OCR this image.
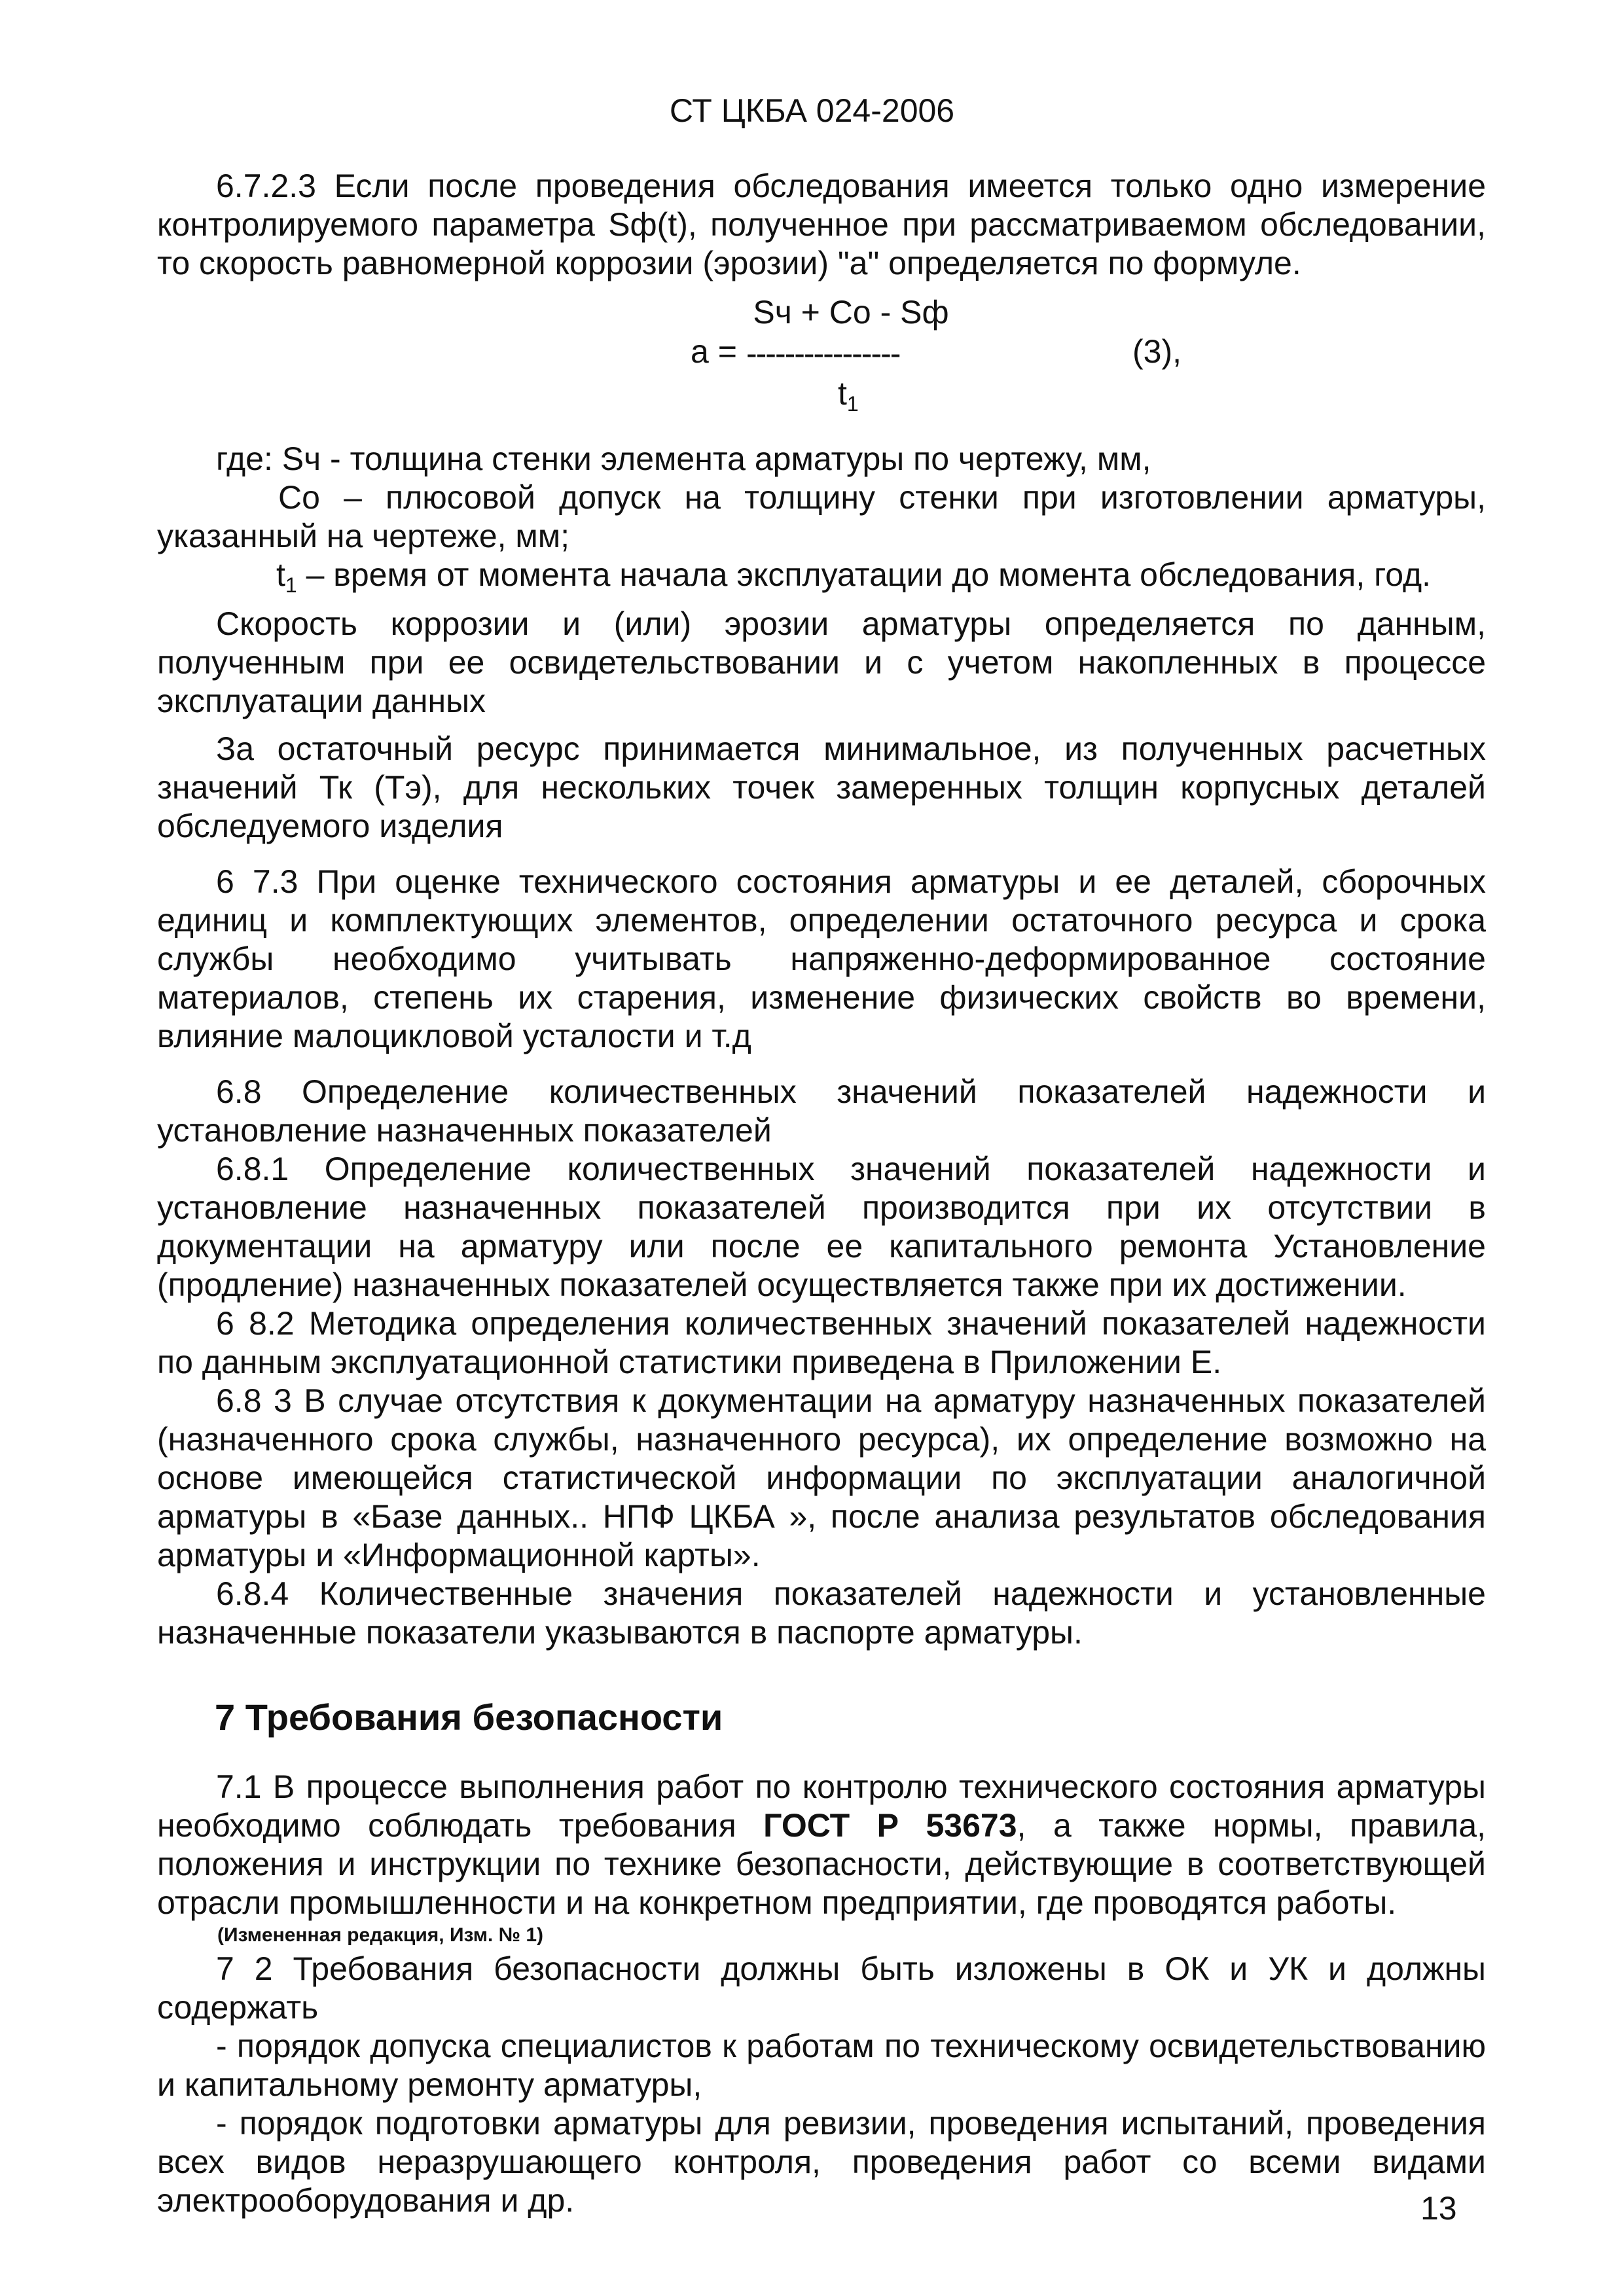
СТ ЦКБА 024-2006

6.7.2.3 Если после проведения обследования имеется только одно измерение контролируемого параметра Sф(t), полученное при рассматриваемом обследовании, то скорость равномерной коррозии (эрозии) "a" определяется по формуле.

Sч + Co - Sф
a = ----------------
$t_1$
(3),

где: Sч - толщина стенки элемента арматуры по чертежу, мм,

Co – плюсовой допуск на толщину стенки при изготовлении арматуры, указанный на чертеже, мм;

$t_1$ – время от момента начала эксплуатации до момента обследования, год.

Скорость коррозии и (или) эрозии арматуры определяется по данным, полученным при ее освидетельствовании и с учетом накопленных в процессе эксплуатации данных

За остаточный ресурс принимается минимальное, из полученных расчетных значений Тк (Тэ), для нескольких точек замеренных толщин корпусных деталей обследуемого изделия

6 7.3 При оценке технического состояния арматуры и ее деталей, сборочных единиц и комплектующих элементов, определении остаточного ресурса и срока службы необходимо учитывать напряженно-деформированное состояние материалов, степень их старения, изменение физических свойств во времени, влияние малоцикловой усталости и т.д

6.8 Определение количественных значений показателей надежности и установление назначенных показателей

6.8.1 Определение количественных значений показателей надежности и установление назначенных показателей производится при их отсутствии в документации на арматуру или после ее капитального ремонта Установление (продление) назначенных показателей осуществляется также при их достижении.

6 8.2 Методика определения количественных значений показателей надежности по данным эксплуатационной статистики приведена в Приложении Е.

6.8 3 В случае отсутствия к документации на арматуру назначенных показателей (назначенного срока службы, назначенного ресурса), их определение возможно на основе имеющейся статистической информации по эксплуатации аналогичной арматуры в «Базе данных.. НПФ ЦКБА », после анализа результатов обследования арматуры и «Информационной карты».

6.8.4 Количественные значения показателей надежности и установленные назначенные показатели указываются в паспорте арматуры.

7 Требования безопасности

7.1 В процессе выполнения работ по контролю технического состояния арматуры необходимо соблюдать требования ГОСТ Р 53673, а также нормы, правила, положения и инструкции по технике безопасности, действующие в соответствующей отрасли промышленности и на конкретном предприятии, где проводятся работы.

(Измененная редакция, Изм. № 1)

7 2 Требования безопасности должны быть изложены в ОК и УК и должны содержать

- порядок допуска специалистов к работам по техническому освидетельствованию и капитальному ремонту арматуры,

- порядок подготовки арматуры для ревизии, проведения испытаний, проведения всех видов неразрушающего контроля, проведения работ со всеми видами электрооборудования и др.	13
